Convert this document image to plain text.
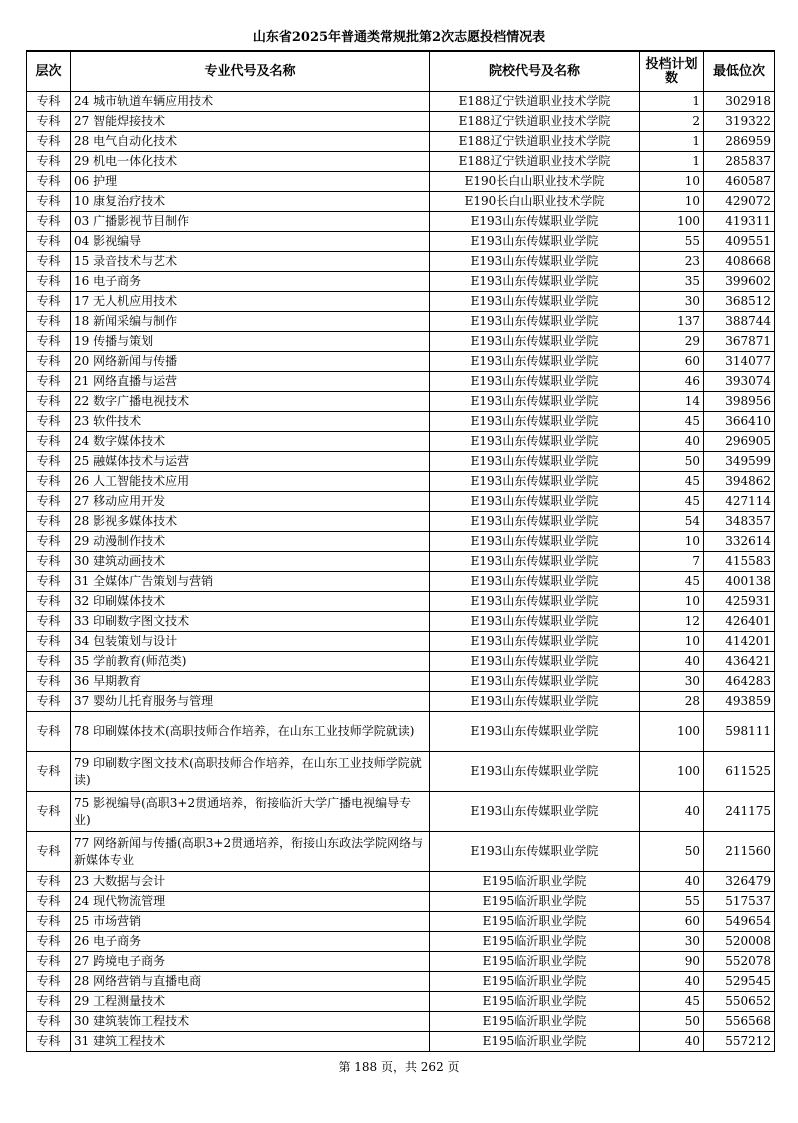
山东省2025年普通类常规批第2次志愿投档情况表
层次	专业代号及名称	院校代号及名称	投档计划数	最低位次
专科	24 城市轨道车辆应用技术	E188辽宁铁道职业技术学院	1	302918
专科	27 智能焊接技术	E188辽宁铁道职业技术学院	2	319322
专科	28 电气自动化技术	E188辽宁铁道职业技术学院	1	286959
专科	29 机电一体化技术	E188辽宁铁道职业技术学院	1	285837
专科	06 护理	E190长白山职业技术学院	10	460587
专科	10 康复治疗技术	E190长白山职业技术学院	10	429072
专科	03 广播影视节目制作	E193山东传媒职业学院	100	419311
专科	04 影视编导	E193山东传媒职业学院	55	409551
专科	15 录音技术与艺术	E193山东传媒职业学院	23	408668
专科	16 电子商务	E193山东传媒职业学院	35	399602
专科	17 无人机应用技术	E193山东传媒职业学院	30	368512
专科	18 新闻采编与制作	E193山东传媒职业学院	137	388744
专科	19 传播与策划	E193山东传媒职业学院	29	367871
专科	20 网络新闻与传播	E193山东传媒职业学院	60	314077
专科	21 网络直播与运营	E193山东传媒职业学院	46	393074
专科	22 数字广播电视技术	E193山东传媒职业学院	14	398956
专科	23 软件技术	E193山东传媒职业学院	45	366410
专科	24 数字媒体技术	E193山东传媒职业学院	40	296905
专科	25 融媒体技术与运营	E193山东传媒职业学院	50	349599
专科	26 人工智能技术应用	E193山东传媒职业学院	45	394862
专科	27 移动应用开发	E193山东传媒职业学院	45	427114
专科	28 影视多媒体技术	E193山东传媒职业学院	54	348357
专科	29 动漫制作技术	E193山东传媒职业学院	10	332614
专科	30 建筑动画技术	E193山东传媒职业学院	7	415583
专科	31 全媒体广告策划与营销	E193山东传媒职业学院	45	400138
专科	32 印刷媒体技术	E193山东传媒职业学院	10	425931
专科	33 印刷数字图文技术	E193山东传媒职业学院	12	426401
专科	34 包装策划与设计	E193山东传媒职业学院	10	414201
专科	35 学前教育(师范类)	E193山东传媒职业学院	40	436421
专科	36 早期教育	E193山东传媒职业学院	30	464283
专科	37 婴幼儿托育服务与管理	E193山东传媒职业学院	28	493859
专科	78 印刷媒体技术(高职技师合作培养，在山东工业技师学院就读)	E193山东传媒职业学院	100	598111
专科	79 印刷数字图文技术(高职技师合作培养，在山东工业技师学院就读)	E193山东传媒职业学院	100	611525
专科	75 影视编导(高职3+2贯通培养，衔接临沂大学广播电视编导专业)	E193山东传媒职业学院	40	241175
专科	77 网络新闻与传播(高职3+2贯通培养，衔接山东政法学院网络与新媒体专业	E193山东传媒职业学院	50	211560
专科	23 大数据与会计	E195临沂职业学院	40	326479
专科	24 现代物流管理	E195临沂职业学院	55	517537
专科	25 市场营销	E195临沂职业学院	60	549654
专科	26 电子商务	E195临沂职业学院	30	520008
专科	27 跨境电子商务	E195临沂职业学院	90	552078
专科	28 网络营销与直播电商	E195临沂职业学院	40	529545
专科	29 工程测量技术	E195临沂职业学院	45	550652
专科	30 建筑装饰工程技术	E195临沂职业学院	50	556568
专科	31 建筑工程技术	E195临沂职业学院	40	557212
第 188 页，共 262 页
